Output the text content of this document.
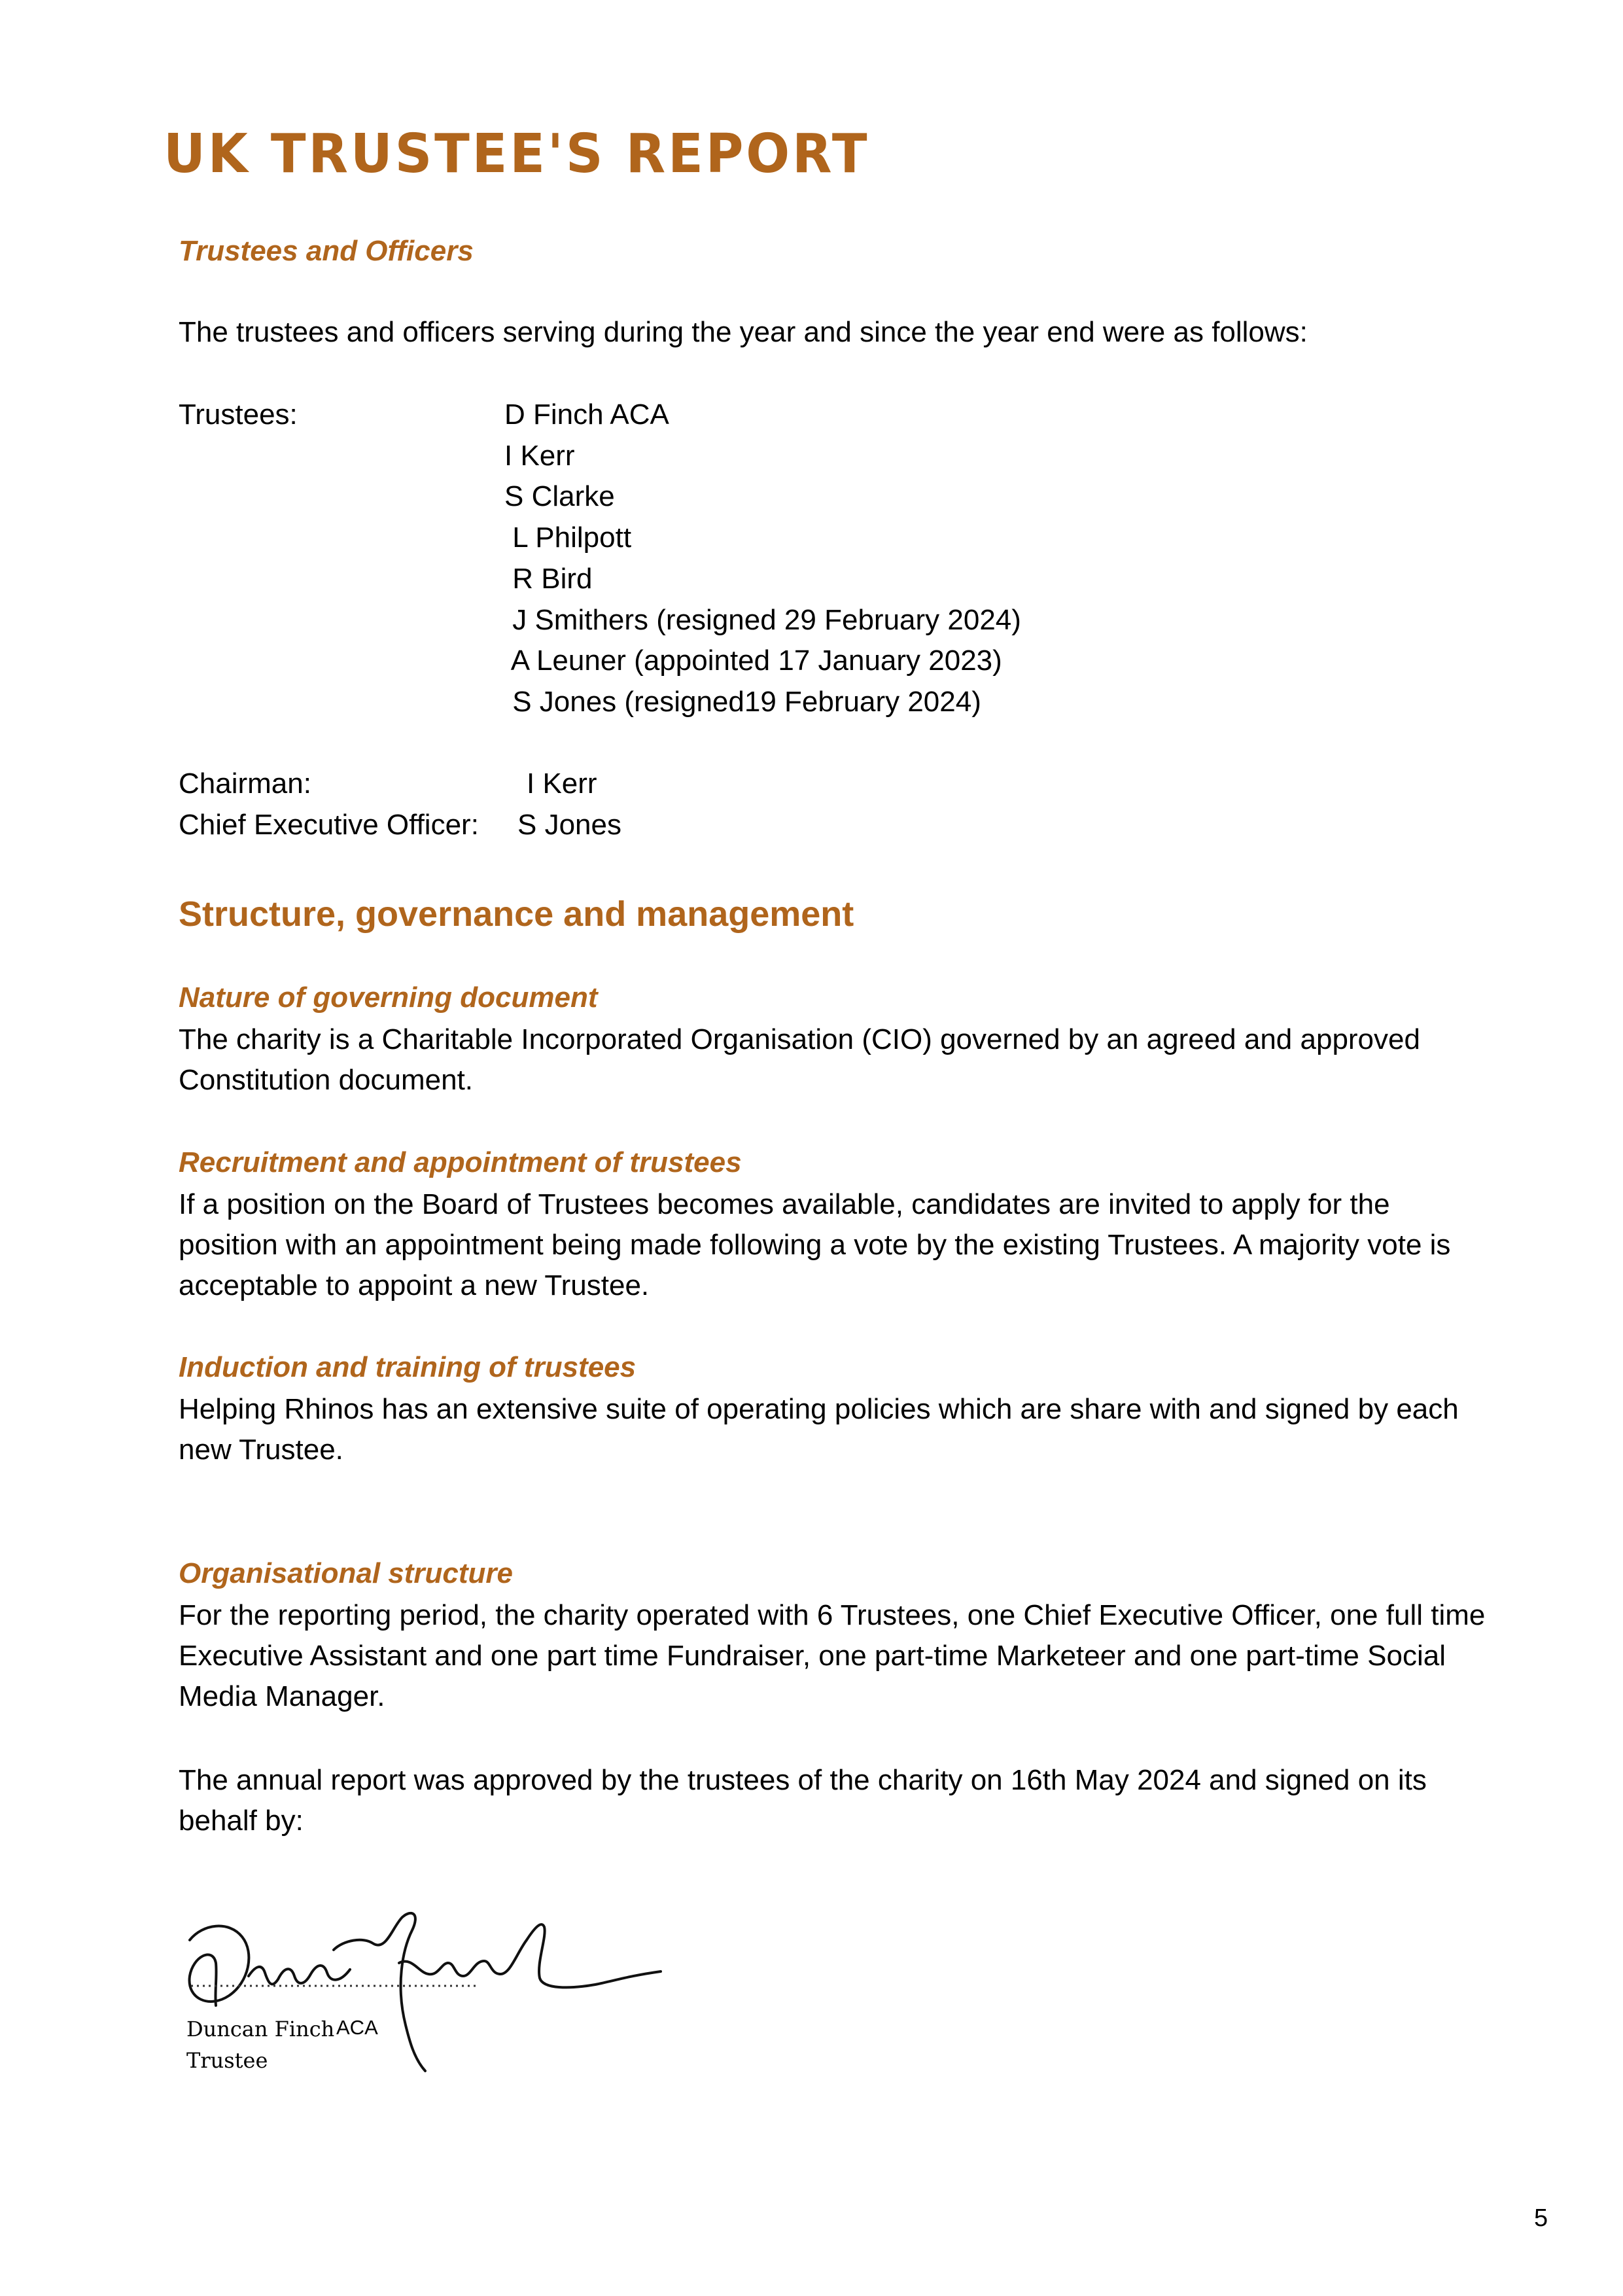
UK TRUSTEE'S REPORT
Trustees and Officers

The trustees and officers serving during the year and since the year end were as follows:

Trustees:	D Finch ACA
I Kerr
S Clarke
L Philpott
R Bird
J Smithers (resigned 29 February 2024)
A Leuner (appointed 17 January 2023)
S Jones (resigned19 February 2024)
Chairman:	I Kerr
Chief Executive Officer: S Jones
Structure, governance and management
Nature of governing document

The charity is a Charitable Incorporated Organisation (CIO) governed by an agreed and approved Constitution document.

Recruitment and appointment of trustees

If a position on the Board of Trustees becomes available, candidates are invited to apply for the position with an appointment being made following a vote by the existing Trustees. A majority vote is acceptable to appoint a new Trustee.

Induction and training of trustees

Helping Rhinos has an extensive suite of operating policies which are share with and signed by each new Trustee.

Organisational structure

For the reporting period, the charity operated with 6 Trustees, one Chief Executive Officer, one full time Executive Assistant and one part time Fundraiser, one part-time Marketeer and one part-time Social Media Manager.

The annual report was approved by the trustees of the charity on 16th May 2024 and signed on its behalf by:

Duncan Finch ACA
Trustee
5
